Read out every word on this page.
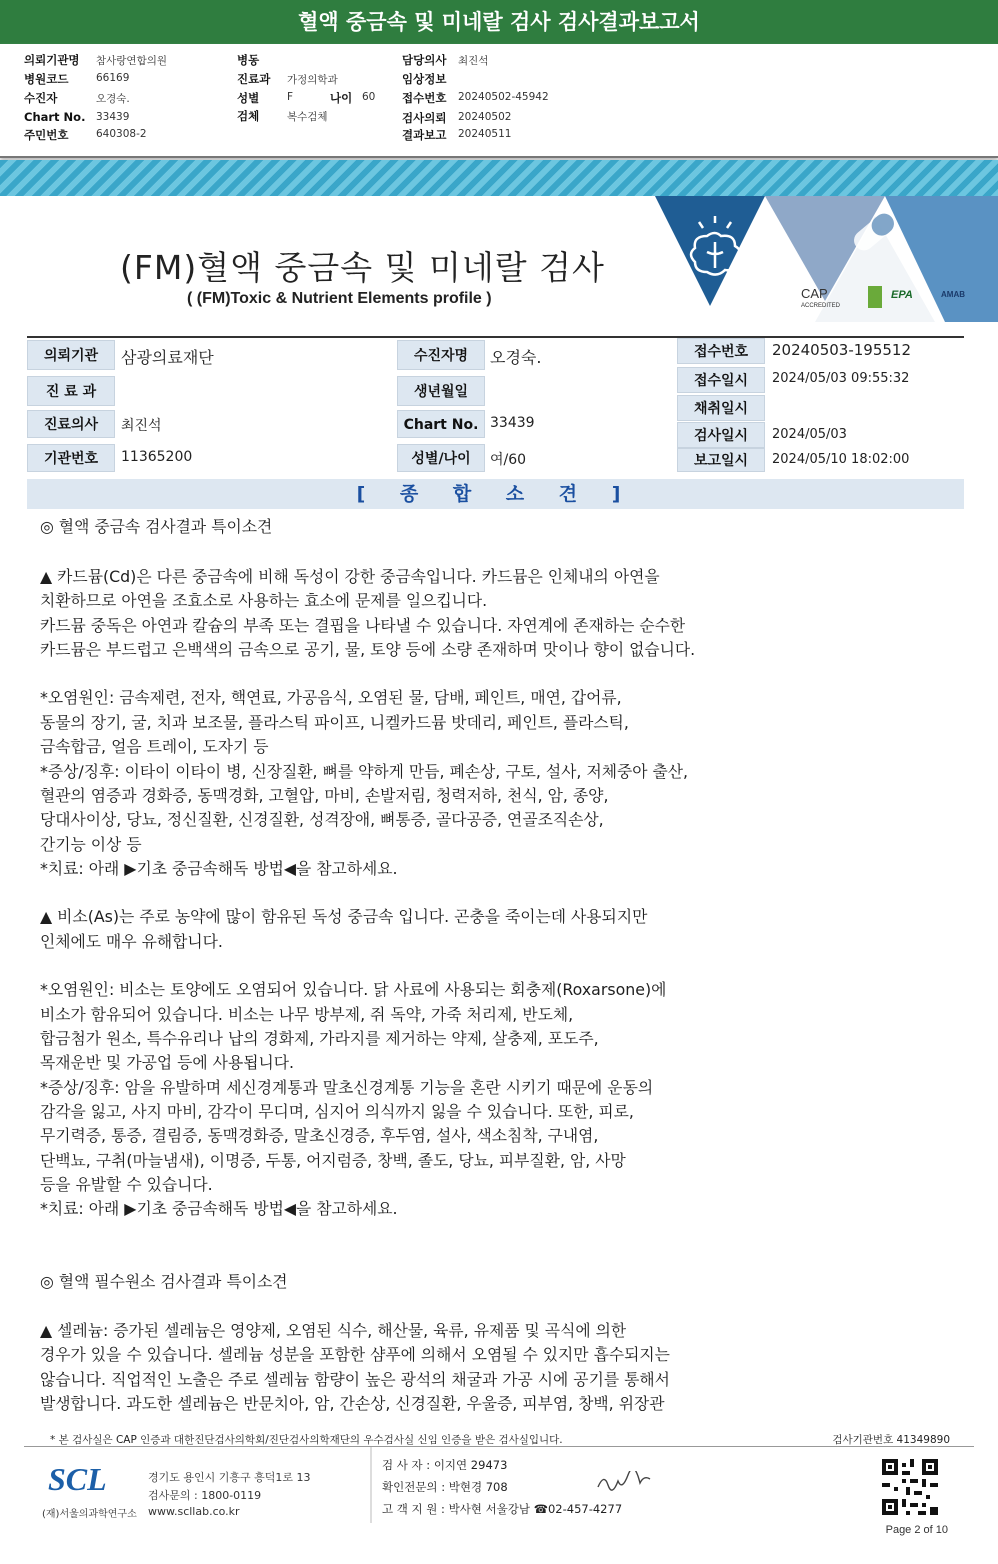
혈액 중금속 및 미네랄 검사 검사결과보고서
의뢰기관명 참사랑연합의원
병원코드	66169
수진자	오경숙.
Chart No. 33439
주민번호	640308-2
병동
진료과 가정의학과
성별	F	나이 60
검체	복수검체
담당의사 최진석
임상정보
접수번호 20240502-45942
검사의뢰 20240502
결과보고 20240511
(FM)혈액 중금속 및 미네랄 검사
( (FM)Toxic & Nutrient Elements profile )	CAP
ACCREDITED
EPA	AMAB
의뢰기관	삼광의료재단
진 료 과
진료의사	최진석
기관번호	11365200
수진자명	오경숙.
생년월일
Chart No. 33439
성별/나이	여/60
접수번호	20240503-195512
접수일시	2024/05/03 09:55:32
채취일시
검사일시	2024/05/03
보고일시	2024/05/10 18:02:00
[ 종 합 소 견 ]
◎ 혈액 중금속 검사결과 특이소견
▲ 카드뮴(Cd)은 다른 중금속에 비해 독성이 강한 중금속입니다. 카드뮴은 인체내의 아연을
치환하므로 아연을 조효소로 사용하는 효소에 문제를 일으킵니다.
카드뮴 중독은 아연과 칼슘의 부족 또는 결핍을 나타낼 수 있습니다. 자연계에 존재하는 순수한
카드뮴은 부드럽고 은백색의 금속으로 공기, 물, 토양 등에 소량 존재하며 맛이나 향이 없습니다.
*오염원인: 금속제련, 전자, 핵연료, 가공음식, 오염된 물, 담배, 페인트, 매연, 갑어류,
동물의 장기, 굴, 치과 보조물, 플라스틱 파이프, 니켈카드뮴 밧데리, 페인트, 플라스틱,
금속합금, 얼음 트레이, 도자기 등
*증상/징후: 이타이 이타이 병, 신장질환, 뼈를 약하게 만듬, 폐손상, 구토, 설사, 저체중아 출산,
혈관의 염증과 경화증, 동맥경화, 고혈압, 마비, 손발저림, 청력저하, 천식, 암, 종양,
당대사이상, 당뇨, 정신질환, 신경질환, 성격장애, 뼈통증, 골다공증, 연골조직손상,
간기능 이상 등
*치료: 아래 ▶기초 중금속해독 방법◀을 참고하세요.
▲ 비소(As)는 주로 농약에 많이 함유된 독성 중금속 입니다. 곤충을 죽이는데 사용되지만
인체에도 매우 유해합니다.
*오염원인: 비소는 토양에도 오염되어 있습니다. 닭 사료에 사용되는 회충제(Roxarsone)에
비소가 함유되어 있습니다. 비소는 나무 방부제, 쥐 독약, 가죽 처리제, 반도체,
합금첨가 원소, 특수유리나 납의 경화제, 가라지를 제거하는 약제, 살충제, 포도주,
목재운반 및 가공업 등에 사용됩니다.
*증상/징후: 암을 유발하며 세신경계통과 말초신경계통 기능을 혼란 시키기 때문에 운동의
감각을 잃고, 사지 마비, 감각이 무디며, 심지어 의식까지 잃을 수 있습니다. 또한, 피로,
무기력증, 통증, 결림증, 동맥경화증, 말초신경증, 후두염, 설사, 색소침착, 구내염,
단백뇨, 구취(마늘냄새), 이명증, 두통, 어지럼증, 창백, 졸도, 당뇨, 피부질환, 암, 사망
등을 유발할 수 있습니다.
*치료: 아래 ▶기초 중금속해독 방법◀을 참고하세요.
◎ 혈액 필수원소 검사결과 특이소견
▲ 셀레늄: 증가된 셀레늄은 영양제, 오염된 식수, 해산물, 육류, 유제품 및 곡식에 의한
경우가 있을 수 있습니다. 셀레늄 성분을 포함한 샴푸에 의해서 오염될 수 있지만 흡수되지는
않습니다. 직업적인 노출은 주로 셀레늄 함량이 높은 광석의 채굴과 가공 시에 공기를 통해서
발생합니다. 과도한 셀레늄은 반문치아, 암, 간손상, 신경질환, 우울증, 피부염, 창백, 위장관
* 본 검사실은 CAP 인증과 대한진단검사의학회/진단검사의학재단의 우수검사실 신임 인증을 받은 검사실입니다.	검사기관번호 41349890
SCL
(재)서울의과학연구소
경기도 용인시 기흥구 흥덕1로 13
검사문의 : 1800-0119
www.scllab.co.kr
검 사 자 : 이지연 29473
확인전문의 : 박현경 708
고 객 지 원 : 박사현 서울강남 ☎02-457-4277
Page 2 of 10
